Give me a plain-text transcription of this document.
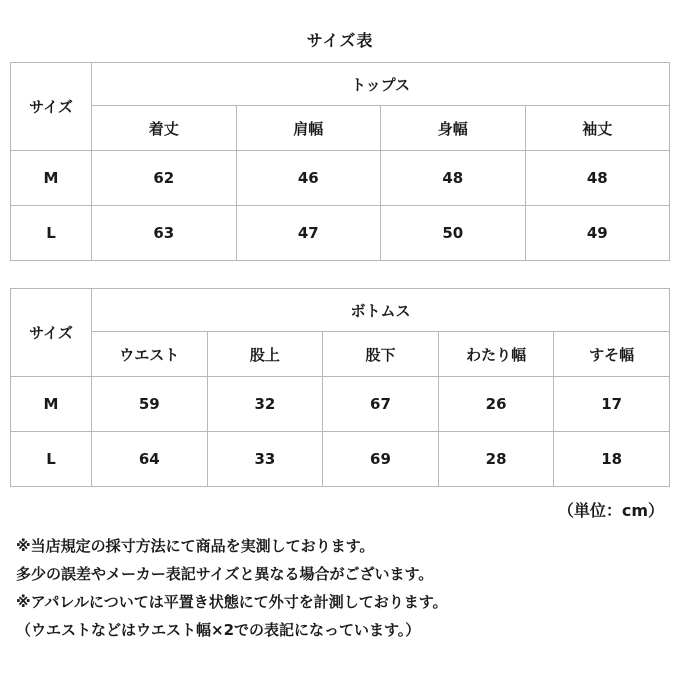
サイズ表
サイズ	トップス			
	着丈	肩幅	身幅	袖丈
M	62	46	48	48
L	63	47	50	49
サイズ	ボトムス				
	ウエスト	股上	股下	わたり幅	すそ幅
M	59	32	67	26	17
L	64	33	69	28	18
（単位：cm）
※当店規定の採寸方法にて商品を実測しております。
多少の誤差やメーカー表記サイズと異なる場合がございます。
※アパレルについては平置き状態にて外寸を計測しております。
（ウエストなどはウエスト幅×2での表記になっています。）
